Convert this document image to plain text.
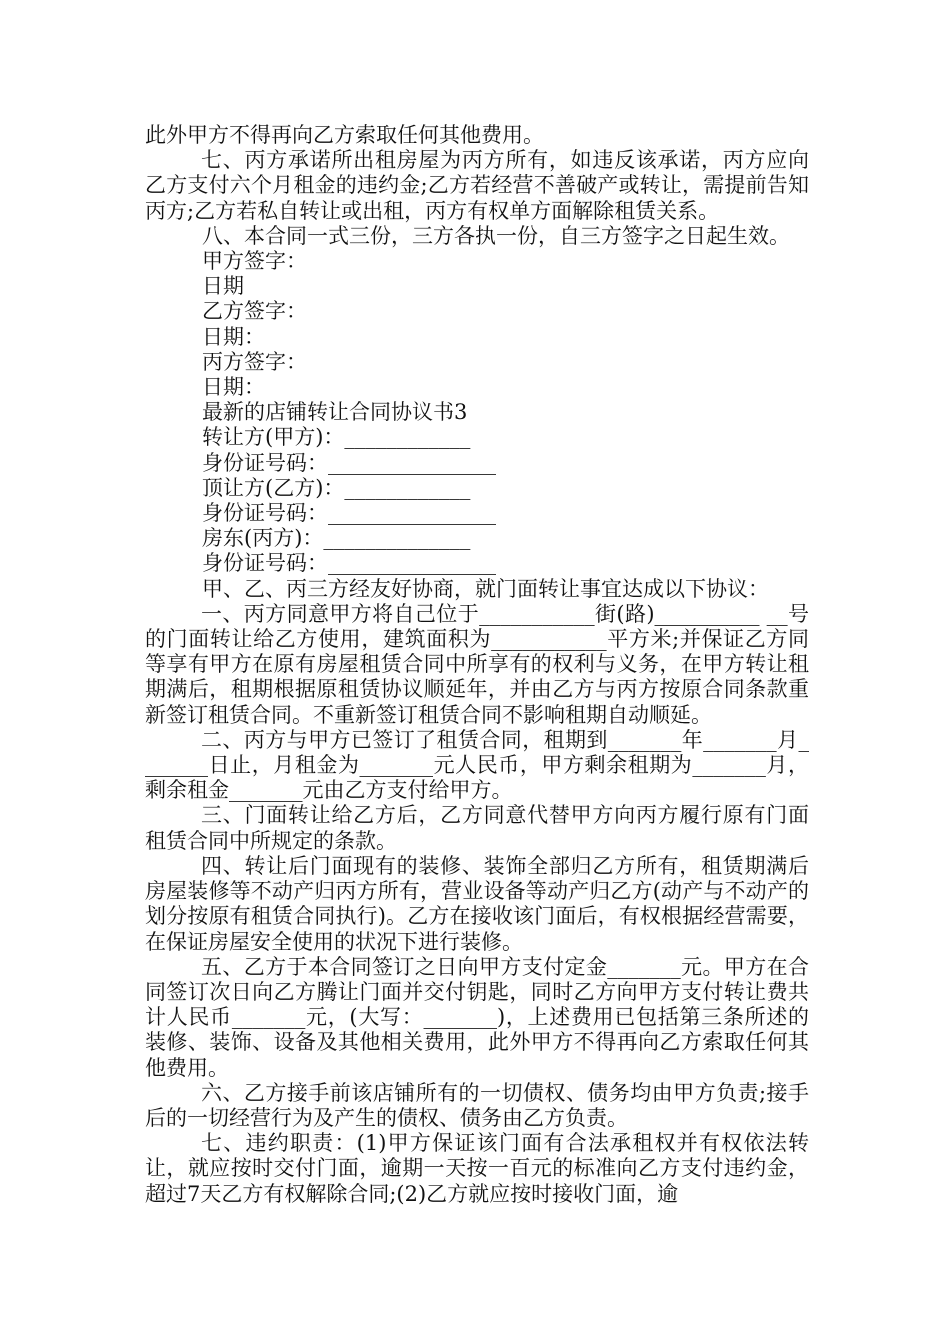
此外甲方不得再向乙方索取任何其他费用。

七、丙方承诺所出租房屋为丙方所有，如违反该承诺，丙方应向乙方支付六个月租金的违约金;乙方若经营不善破产或转让，需提前告知丙方;乙方若私自转让或出租，丙方有权单方面解除租赁关系。

八、本合同一式三份，三方各执一份，自三方签字之日起生效。

甲方签字：

日期

乙方签字：

日期：

丙方签字：

日期：

最新的店铺转让合同协议书3

转让方(甲方)：____________

身份证号码：________________

顶让方(乙方)：____________

身份证号码：________________

房东(丙方)：______________

身份证号码：________________

甲、乙、丙三方经友好协商，就门面转让事宜达成以下协议：

一、丙方同意甲方将自己位于___________街(路)__________ __号的门面转让给乙方使用，建筑面积为___________平方米;并保证乙方同等享有甲方在原有房屋租赁合同中所享有的权利与义务，在甲方转让租期满后，租期根据原租赁协议顺延年，并由乙方与丙方按原合同条款重新签订租赁合同。不重新签订租赁合同不影响租期自动顺延。

二、丙方与甲方已签订了租赁合同，租期到_______年_______月_______日止，月租金为_______元人民币，甲方剩余租期为_______月，剩余租金_______元由乙方支付给甲方。

三、门面转让给乙方后，乙方同意代替甲方向丙方履行原有门面租赁合同中所规定的条款。

四、转让后门面现有的装修、装饰全部归乙方所有，租赁期满后房屋装修等不动产归丙方所有，营业设备等动产归乙方(动产与不动产的划分按原有租赁合同执行)。乙方在接收该门面后，有权根据经营需要，在保证房屋安全使用的状况下进行装修。

五、乙方于本合同签订之日向甲方支付定金_______元。甲方在合同签订次日向乙方腾让门面并交付钥匙，同时乙方向甲方支付转让费共计人民币_______元，(大写：_______)，上述费用已包括第三条所述的装修、装饰、设备及其他相关费用，此外甲方不得再向乙方索取任何其他费用。

六、乙方接手前该店铺所有的一切债权、债务均由甲方负责;接手后的一切经营行为及产生的债权、债务由乙方负责。

七、违约职责：(1)甲方保证该门面有合法承租权并有权依法转让，就应按时交付门面，逾期一天按一百元的标准向乙方支付违约金，超过7天乙方有权解除合同;(2)乙方就应按时接收门面，逾
